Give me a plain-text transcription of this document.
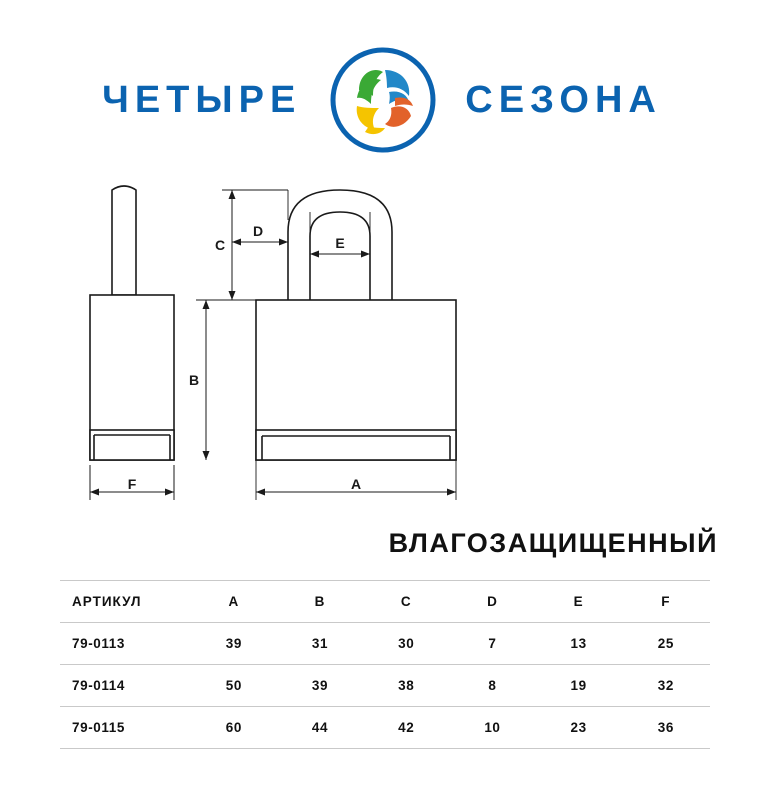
ЧЕТЫРЕ	СЕЗОНА
F
C
D
E
B
A
ВЛАГОЗАЩИЩЕННЫЙ
АРТИКУЛ	A	B	C	D	E	F
79-0113	39	31	30	7	13	25
79-0114	50	39	38	8	19	32
79-0115	60	44	42	10	23	36
